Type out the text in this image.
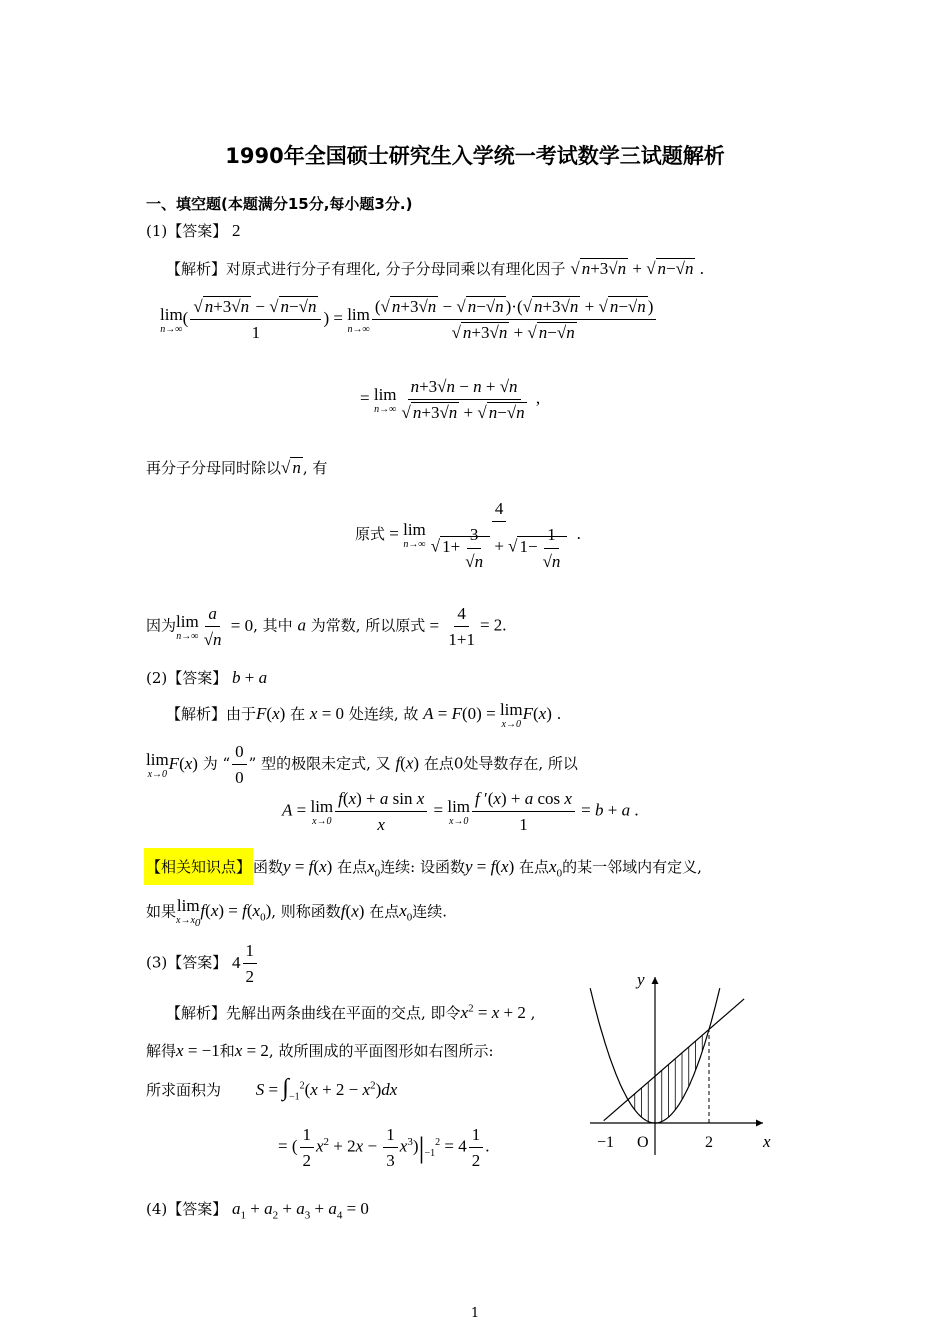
1990年全国硕士研究生入学统一考试数学三试题解析
一、填空题(本题满分15分,每小题3分.)
(1)【答案】 2
【解析】对原式进行分子有理化, 分子分母同乘以有理化因子 √ n+3√n + √ n−√n .
lim
n→∞
( $\frac{√ n+3√n - √ n-√n}{1}$ ) = lim
$n\to\infty \frac{(√ n+3√n - √ n-√n )\cdot(√ n+3√n + √ n-√n )}{√ n+3√n + √ n-√n}$
= lim
$n\to\infty \frac{n+3√n - n + √n}{√ n+3√n + √ n-√n}$ ,
再分子分母同时除以√ n , 有
原式 = lim
$n\to\infty \frac{4}{√ 1+ \frac{3}{√n} + √ 1- \frac{1}{√n}}$ .
因为 lim
$n\to\infty \frac{a}{√n} = 0$, 其中 a 为常数, 所以原式 = $\frac{4}{1+1} = 2$.
(2)【答案】 b + a
【解析】由于F(x) 在 x = 0 处连续, 故 A = F(0) = lim
x→0
F(x) .
lim
x→0
F(x) 为 “ $\frac{0}{0}$ ” 型的极限未定式, 又 f(x) 在点0处导数存在, 所以
A = lim
$x\to 0 \frac{\text{f(x) + a sin x}}{x} = \lim$
$x\to 0 \frac{\text{f ′(x) + a cos x}}{1} = b + a$ .
【相关知识点】 函数y = f(x) 在点$x_0$连续: 设函数y = f(x) 在点$x_0$的某一邻域内有定义,
如果 lim
$x\to x_0$
$f(x) = f(x_0)$, 则称函数f(x) 在点$x_0$连续.
(3)【答案】 $4 \frac{1}{2}$
【解析】先解出两条曲线在平面的交点, 即令$x^2 = x + 2$ ,
解得x = −1和x = 2, 故所围成的平面图形如右图所示:
所求面积为 $S = \int_{-1}^2(x + 2 - x^2)dx$
= ( $\frac{1}{2} x^2 + 2x - \frac{1}{3} x^3)|_{-1}^2 = 4 \frac{1}{2}$ .
y
x
−1 O	2
(4)【答案】 $a_1 + a_2 + a_3 + a_4 = 0$
1
